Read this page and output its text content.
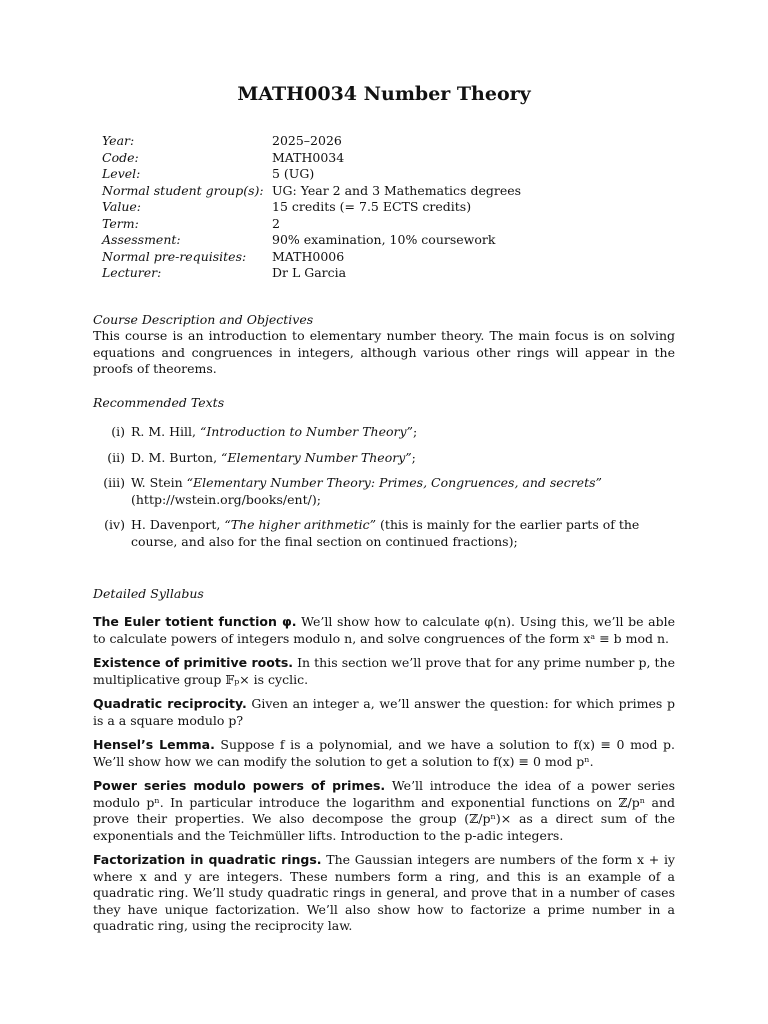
MATH0034 Number Theory
Year:	2025–2026
Code:	MATH0034
Level:	5 (UG)
Normal student group(s): UG: Year 2 and 3 Mathematics degrees
Value:	15 credits (= 7.5 ECTS credits)
Term:	2
Assessment:	90% examination, 10% coursework
Normal pre-requisites:	MATH0006
Lecturer:	Dr L Garcia
Course Description and Objectives
This course is an introduction to elementary number theory. The main focus is on solving equations and congruences in integers, although various other rings will appear in the proofs of theorems.
Recommended Texts
(i) R. M. Hill, “Introduction to Number Theory”;
(ii) D. M. Burton, “Elementary Number Theory”;
(iii) W. Stein “Elementary Number Theory: Primes, Congruences, and secrets” (http://wstein.org/books/ent/);
(iv) H. Davenport, “The higher arithmetic” (this is mainly for the earlier parts of the course, and also for the final section on continued fractions);
Detailed Syllabus
The Euler totient function φ. We’ll show how to calculate φ(n). Using this, we’ll be able to calculate powers of integers modulo n, and solve congruences of the form xᵃ ≡ b mod n.
Existence of primitive roots. In this section we’ll prove that for any prime number p, the multiplicative group 𝔽ₚ× is cyclic.
Quadratic reciprocity. Given an integer a, we’ll answer the question: for which primes p is a a square modulo p?
Hensel’s Lemma. Suppose f is a polynomial, and we have a solution to f(x) ≡ 0 mod p. We’ll show how we can modify the solution to get a solution to f(x) ≡ 0 mod pⁿ.
Power series modulo powers of primes. We’ll introduce the idea of a power series modulo pⁿ. In particular introduce the logarithm and exponential functions on ℤ/pⁿ and prove their properties. We also decompose the group (ℤ/pⁿ)× as a direct sum of the exponentials and the Teichmüller lifts. Introduction to the p-adic integers.
Factorization in quadratic rings. The Gaussian integers are numbers of the form x + iy where x and y are integers. These numbers form a ring, and this is an example of a quadratic ring. We’ll study quadratic rings in general, and prove that in a number of cases they have unique factorization. We’ll also show how to factorize a prime number in a quadratic ring, using the reciprocity law.
